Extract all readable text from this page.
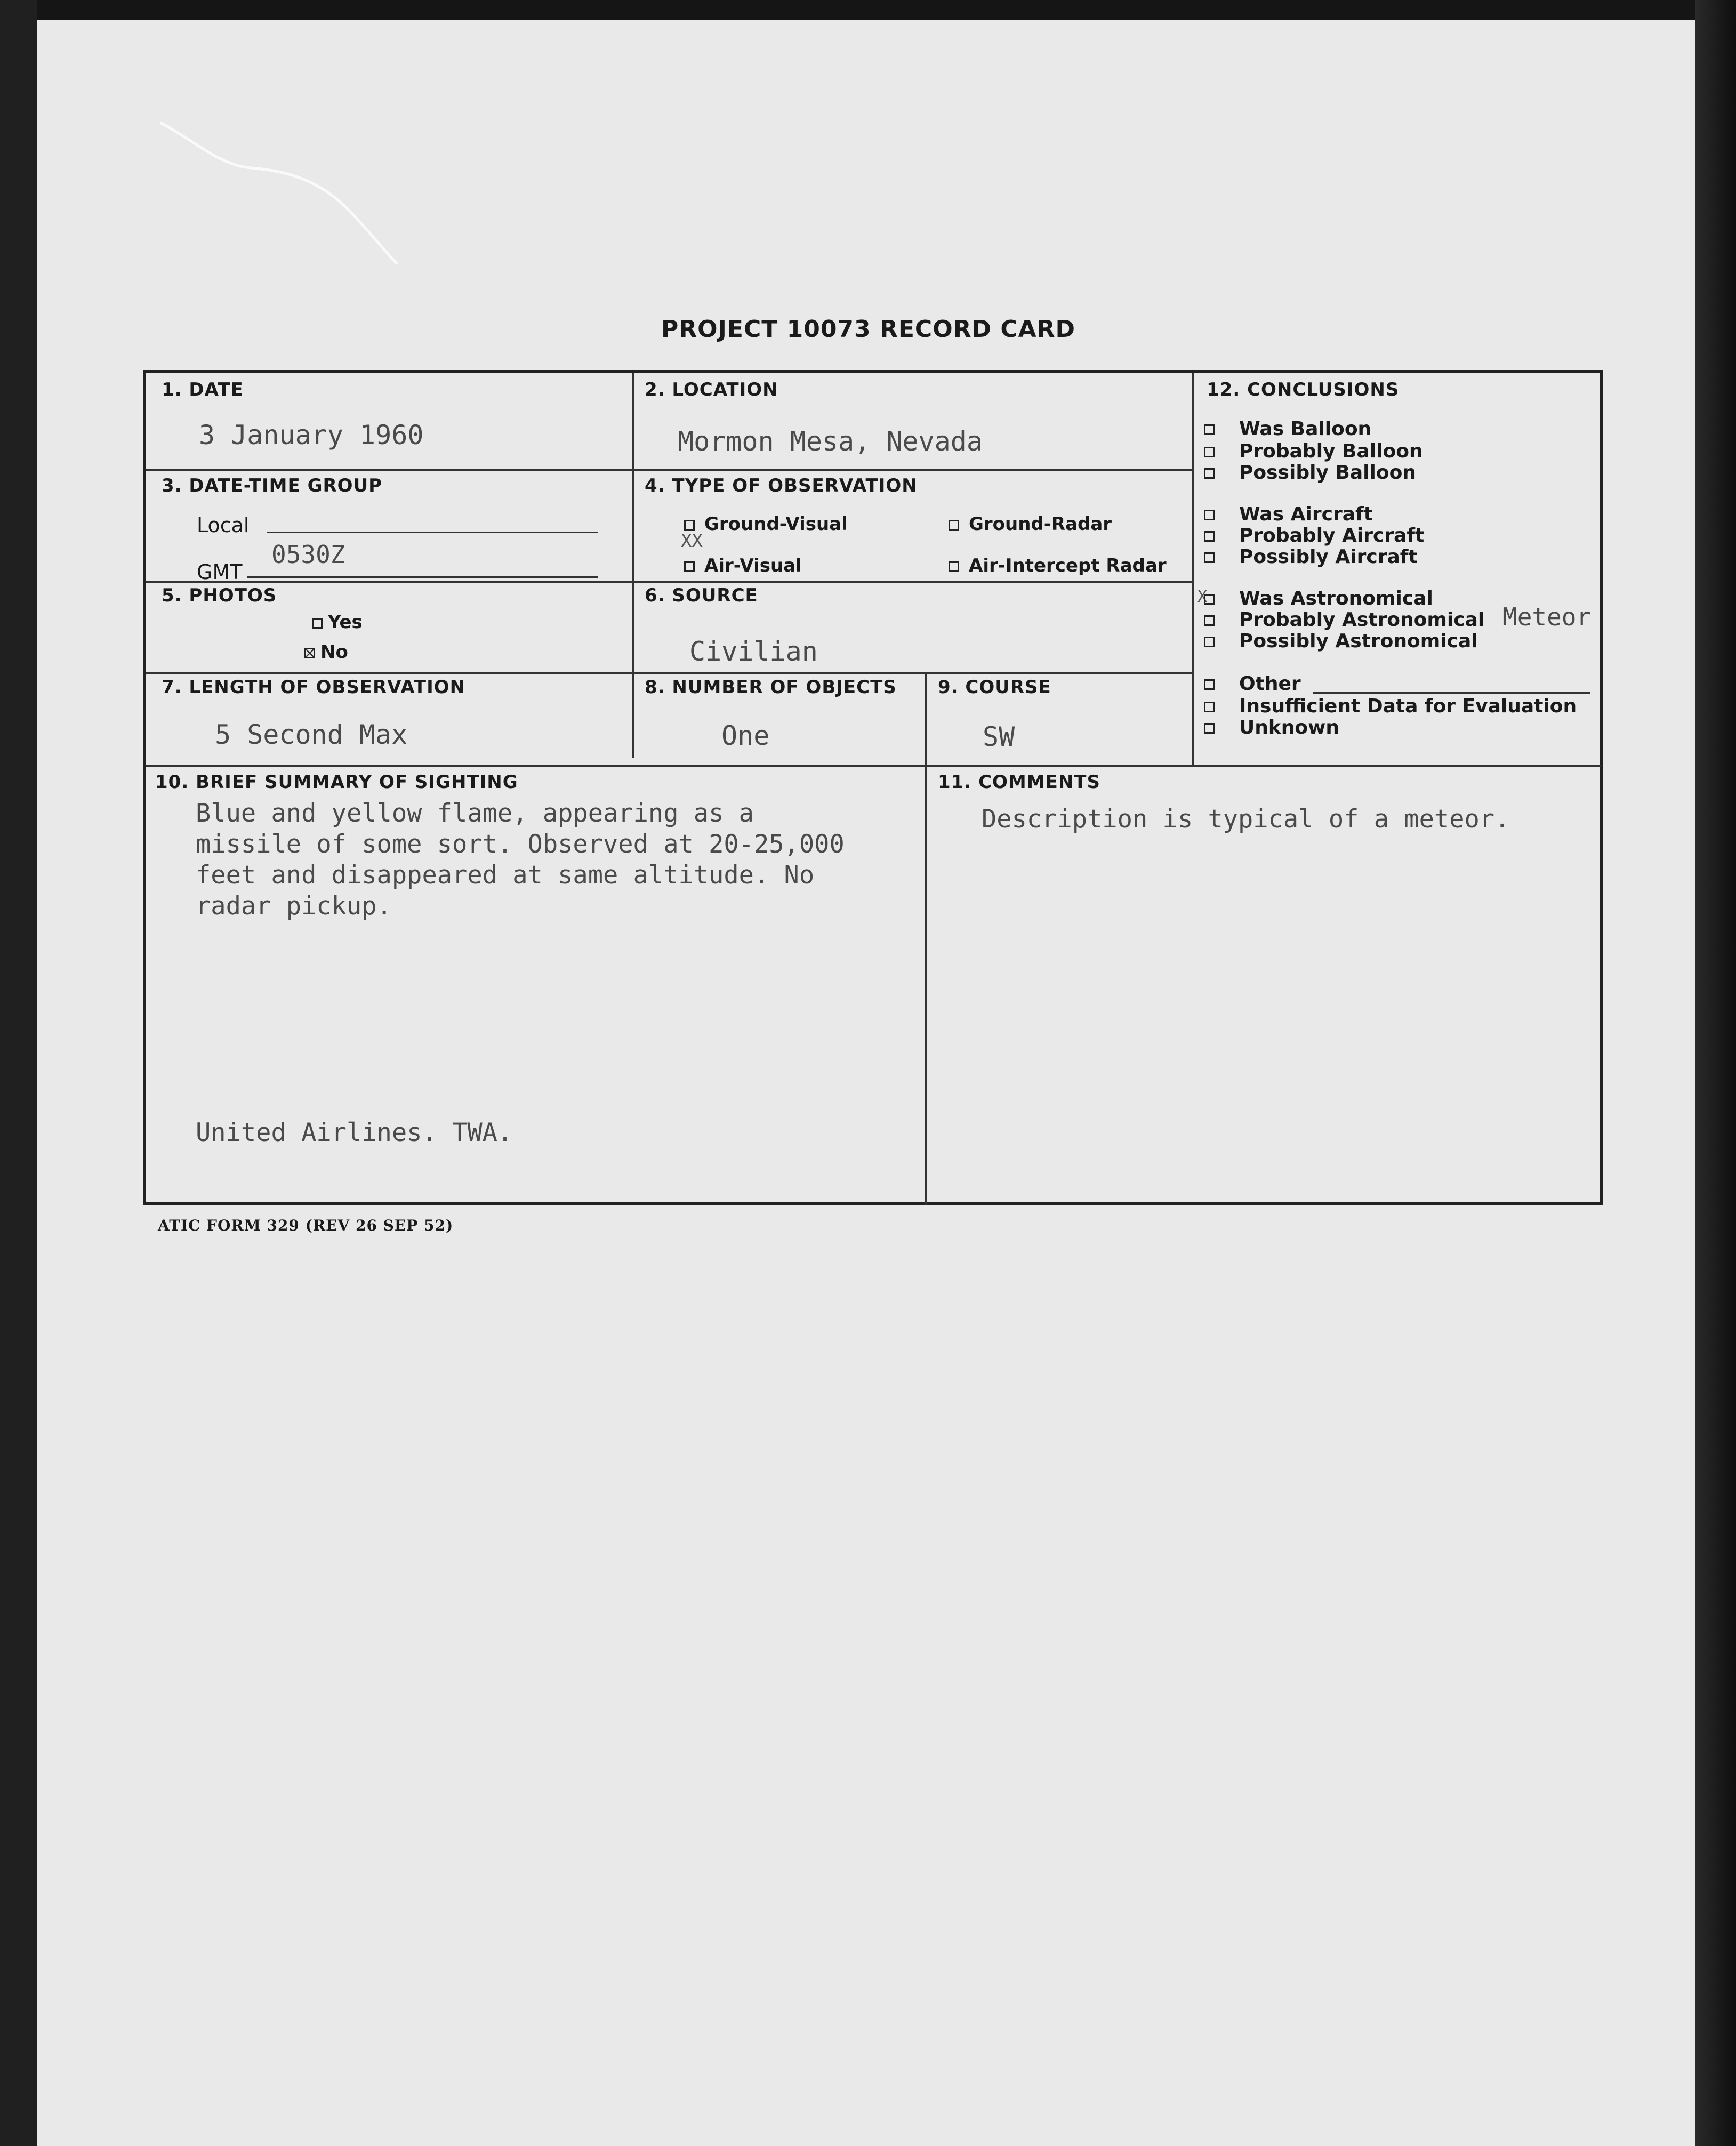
PROJECT 10073 RECORD CARD
1. DATE
3 January 1960
2. LOCATION
Mormon Mesa, Nevada
3. DATE-TIME GROUP
Local
GMT
0530Z
4. TYPE OF OBSERVATION
Ground-Visual	Ground-Radar
XX
Air-Visual	Air-Intercept Radar
5. PHOTOS
Yes
No
6. SOURCE
Civilian
7. LENGTH OF OBSERVATION
5 Second Max
8. NUMBER OF OBJECTS
One
9. COURSE
SW
12. CONCLUSIONS
10. BRIEF SUMMARY OF SIGHTING
Blue and yellow flame, appearing as a
missile of some sort. Observed at 20-25,000
feet and disappeared at same altitude. No
radar pickup.
United Airlines. TWA.
11. COMMENTS
Description is typical of a meteor.
Was Balloon
Probably Balloon
Possibly Balloon
Was Aircraft
Probably Aircraft
Possibly Aircraft
X	Was Astronomical
Probably Astronomical Meteor
Possibly Astronomical
Other
Insufficient Data for Evaluation
Unknown
ATIC FORM 329 (REV 26 SEP 52)
